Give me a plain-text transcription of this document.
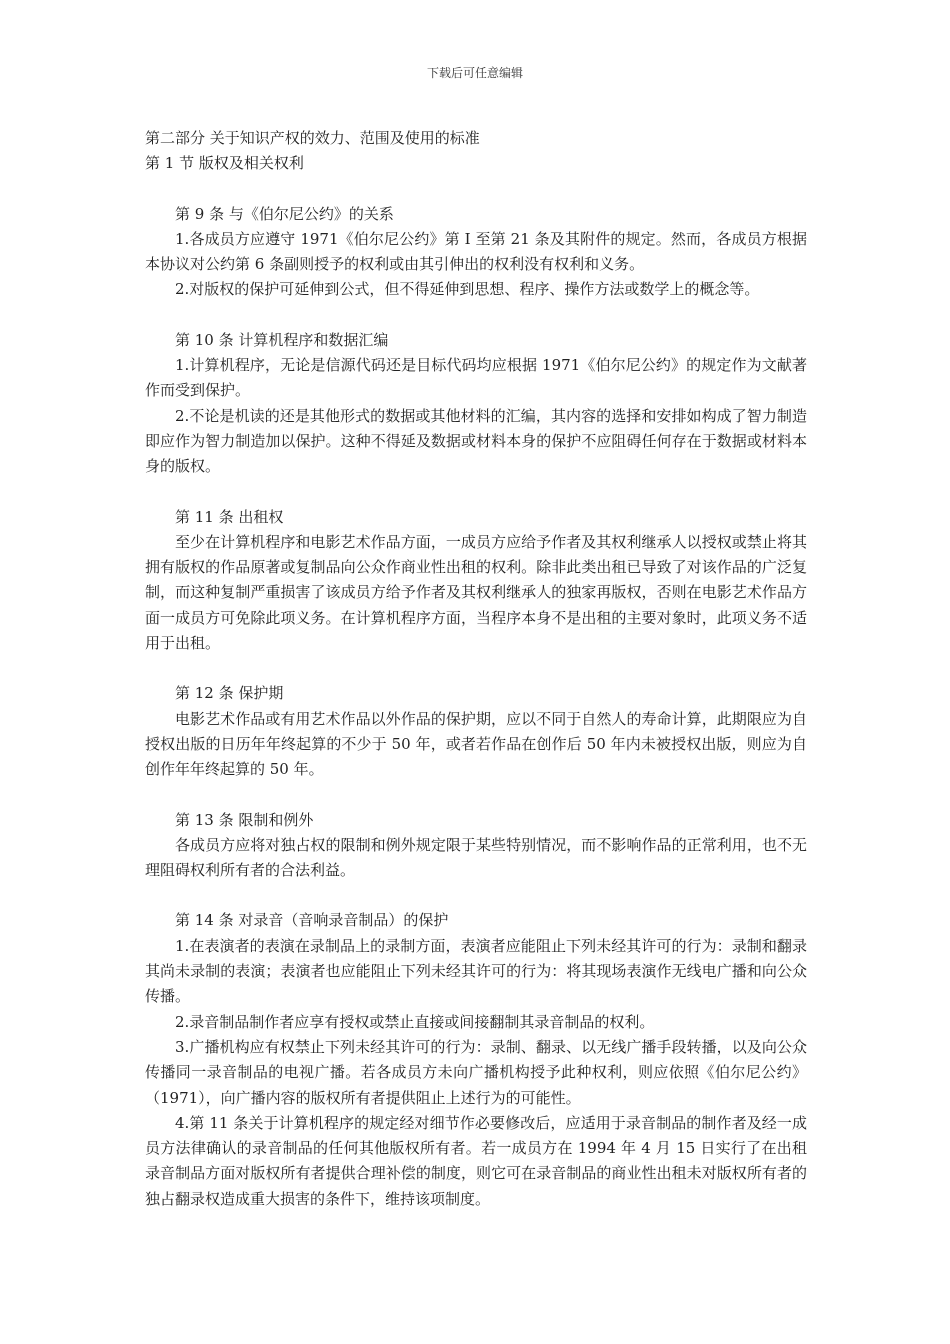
下载后可任意编辑
第二部分 关于知识产权的效力、范围及使用的标准
第 1 节 版权及相关权利
第 9 条 与《伯尔尼公约》的关系

1.各成员方应遵守 1971《伯尔尼公约》第 I 至第 21 条及其附件的规定。然而，各成员方根据本协议对公约第 6 条副则授予的权利或由其引伸出的权利没有权利和义务。

2.对版权的保护可延伸到公式，但不得延伸到思想、程序、操作方法或数学上的概念等。

第 10 条 计算机程序和数据汇编

1.计算机程序，无论是信源代码还是目标代码均应根据 1971《伯尔尼公约》的规定作为文献著作而受到保护。

2.不论是机读的还是其他形式的数据或其他材料的汇编，其内容的选择和安排如构成了智力制造即应作为智力制造加以保护。这种不得延及数据或材料本身的保护不应阻碍任何存在于数据或材料本身的版权。

第 11 条 出租权

至少在计算机程序和电影艺术作品方面，一成员方应给予作者及其权利继承人以授权或禁止将其拥有版权的作品原著或复制品向公众作商业性出租的权利。除非此类出租已导致了对该作品的广泛复制，而这种复制严重损害了该成员方给予作者及其权利继承人的独家再版权，否则在电影艺术作品方面一成员方可免除此项义务。在计算机程序方面，当程序本身不是出租的主要对象时，此项义务不适用于出租。

第 12 条 保护期

电影艺术作品或有用艺术作品以外作品的保护期，应以不同于自然人的寿命计算，此期限应为自授权出版的日历年年终起算的不少于 50 年，或者若作品在创作后 50 年内未被授权出版，则应为自创作年年终起算的 50 年。

第 13 条 限制和例外

各成员方应将对独占权的限制和例外规定限于某些特别情况，而不影响作品的正常利用，也不无理阻碍权利所有者的合法利益。

第 14 条 对录音（音响录音制品）的保护

1.在表演者的表演在录制品上的录制方面，表演者应能阻止下列未经其许可的行为：录制和翻录其尚未录制的表演；表演者也应能阻止下列未经其许可的行为：将其现场表演作无线电广播和向公众传播。

2.录音制品制作者应享有授权或禁止直接或间接翻制其录音制品的权利。

3.广播机构应有权禁止下列未经其许可的行为：录制、翻录、以无线广播手段转播，以及向公众传播同一录音制品的电视广播。若各成员方未向广播机构授予此种权利，则应依照《伯尔尼公约》（1971），向广播内容的版权所有者提供阻止上述行为的可能性。

4.第 11 条关于计算机程序的规定经对细节作必要修改后，应适用于录音制品的制作者及经一成员方法律确认的录音制品的任何其他版权所有者。若一成员方在 1994 年 4 月 15 日实行了在出租录音制品方面对版权所有者提供合理补偿的制度，则它可在录音制品的商业性出租未对版权所有者的独占翻录权造成重大损害的条件下，维持该项制度。
